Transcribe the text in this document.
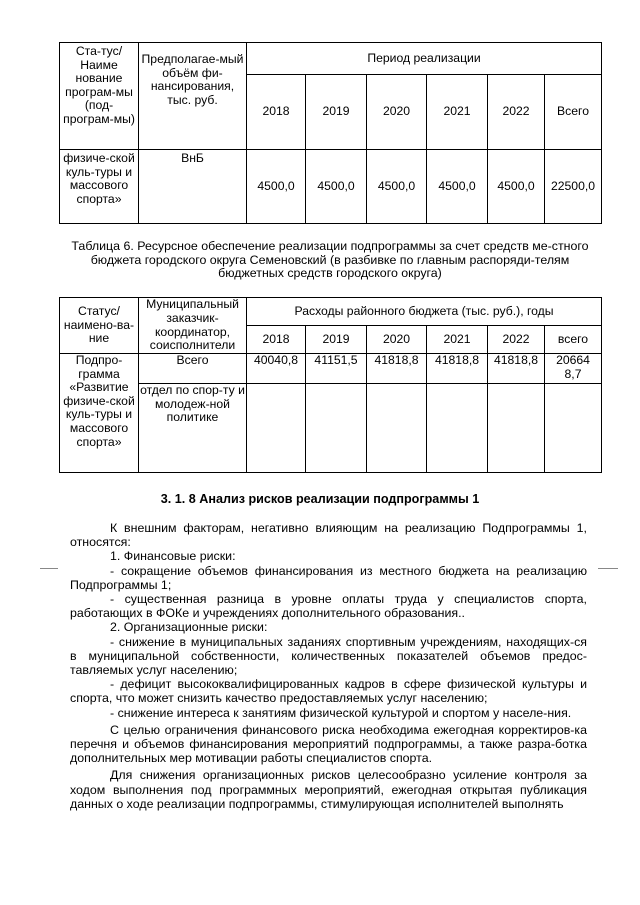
Ста-тус/Наиме нование програм-мы (под-програм-мы)	Предполагае-мый объём фи-нансирования, тыс. руб.	Период реализации					
		2018	2019	2020	2021	2022	Всего
физиче-ской куль-туры и массового спорта»	ВнБ	4500,0	4500,0	4500,0	4500,0	4500,0	22500,0
Таблица 6. Ресурсное обеспечение реализации подпрограммы за счет средств ме-стного бюджета городского округа Семеновский (в разбивке по главным распоряди-телям бюджетных средств городского округа)
Статус/ наимено-ва-ние	Муниципальный заказчик-координатор, соисполнители	Расходы районного бюджета (тыс. руб.), годы					
		2018	2019	2020	2021	2022	всего
Подпро-грамма «Развитие физиче-ской куль-туры и массового спорта»	Всего	40040,8	41151,5	41818,8	41818,8	41818,8	20664 8,7
	отдел по спор-ту и молодеж-ной политике						
3. 1. 8 Анализ рисков реализации подпрограммы 1

К внешним факторам, негативно влияющим на реализацию Подпрограммы 1, относятся:

1. Финансовые риски:

- сокращение объемов финансирования из местного бюджета на реализацию Подпрограммы 1;

- существенная разница в уровне оплаты труда у специалистов спорта, работающих в ФОКе и учреждениях дополнительного образования..

2. Организационные риски:

- снижение в муниципальных заданиях спортивным учреждениям, находящих-ся в муниципальной собственности, количественных показателей объемов предос-тавляемых услуг населению;

- дефицит высококвалифицированных кадров в сфере физической культуры и спорта, что может снизить качество предоставляемых услуг населению;

- снижение интереса к занятиям физической культурой и спортом у населе-ния.

С целью ограничения финансового риска необходима ежегодная корректиров-ка перечня и объемов финансирования мероприятий подпрограммы, а также разра-ботка дополнительных мер мотивации работы специалистов спорта.

Для снижения организационных рисков целесообразно усиление контроля за ходом выполнения под программных мероприятий, ежегодная открытая публикация данных о ходе реализации подпрограммы, стимулирующая исполнителей выполнять
